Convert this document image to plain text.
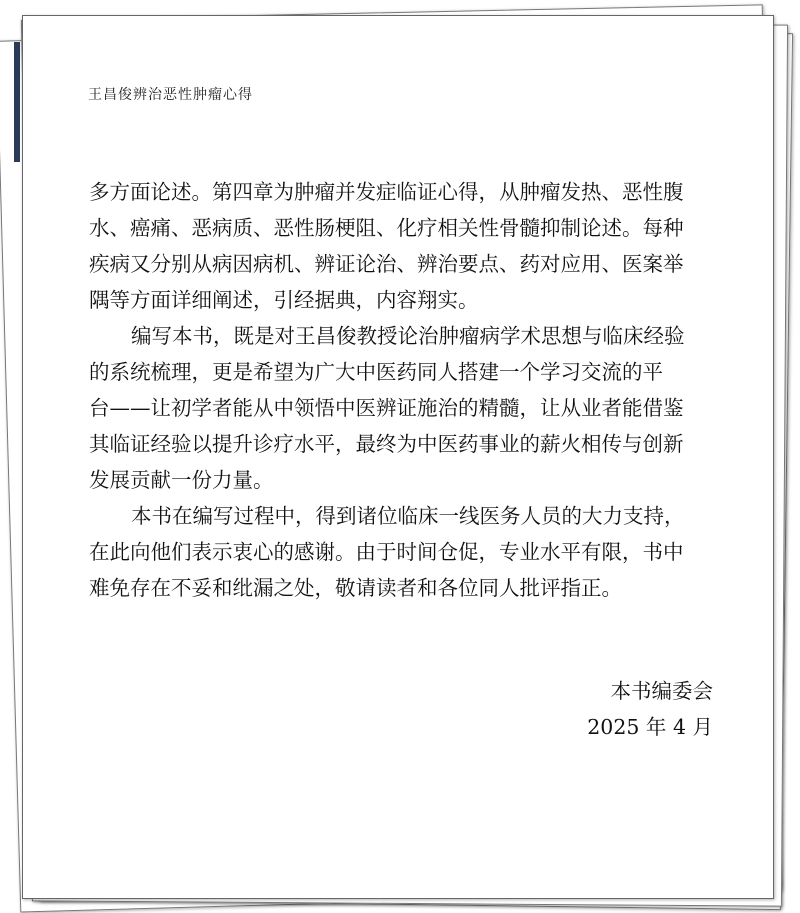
王昌俊辨治恶性肿瘤心得
多方面论述。第四章为肿瘤并发症临证心得，从肿瘤发热、恶性腹
水、癌痛、恶病质、恶性肠梗阻、化疗相关性骨髓抑制论述。每种
疾病又分别从病因病机、辨证论治、辨治要点、药对应用、医案举
隅等方面详细阐述，引经据典，内容翔实。
编写本书，既是对王昌俊教授论治肿瘤病学术思想与临床经验
的系统梳理，更是希望为广大中医药同人搭建一个学习交流的平
台——让初学者能从中领悟中医辨证施治的精髓，让从业者能借鉴
其临证经验以提升诊疗水平，最终为中医药事业的薪火相传与创新
发展贡献一份力量。
本书在编写过程中，得到诸位临床一线医务人员的大力支持，
在此向他们表示衷心的感谢。由于时间仓促，专业水平有限，书中
难免存在不妥和纰漏之处，敬请读者和各位同人批评指正。
本书编委会
2025 年 4 月
